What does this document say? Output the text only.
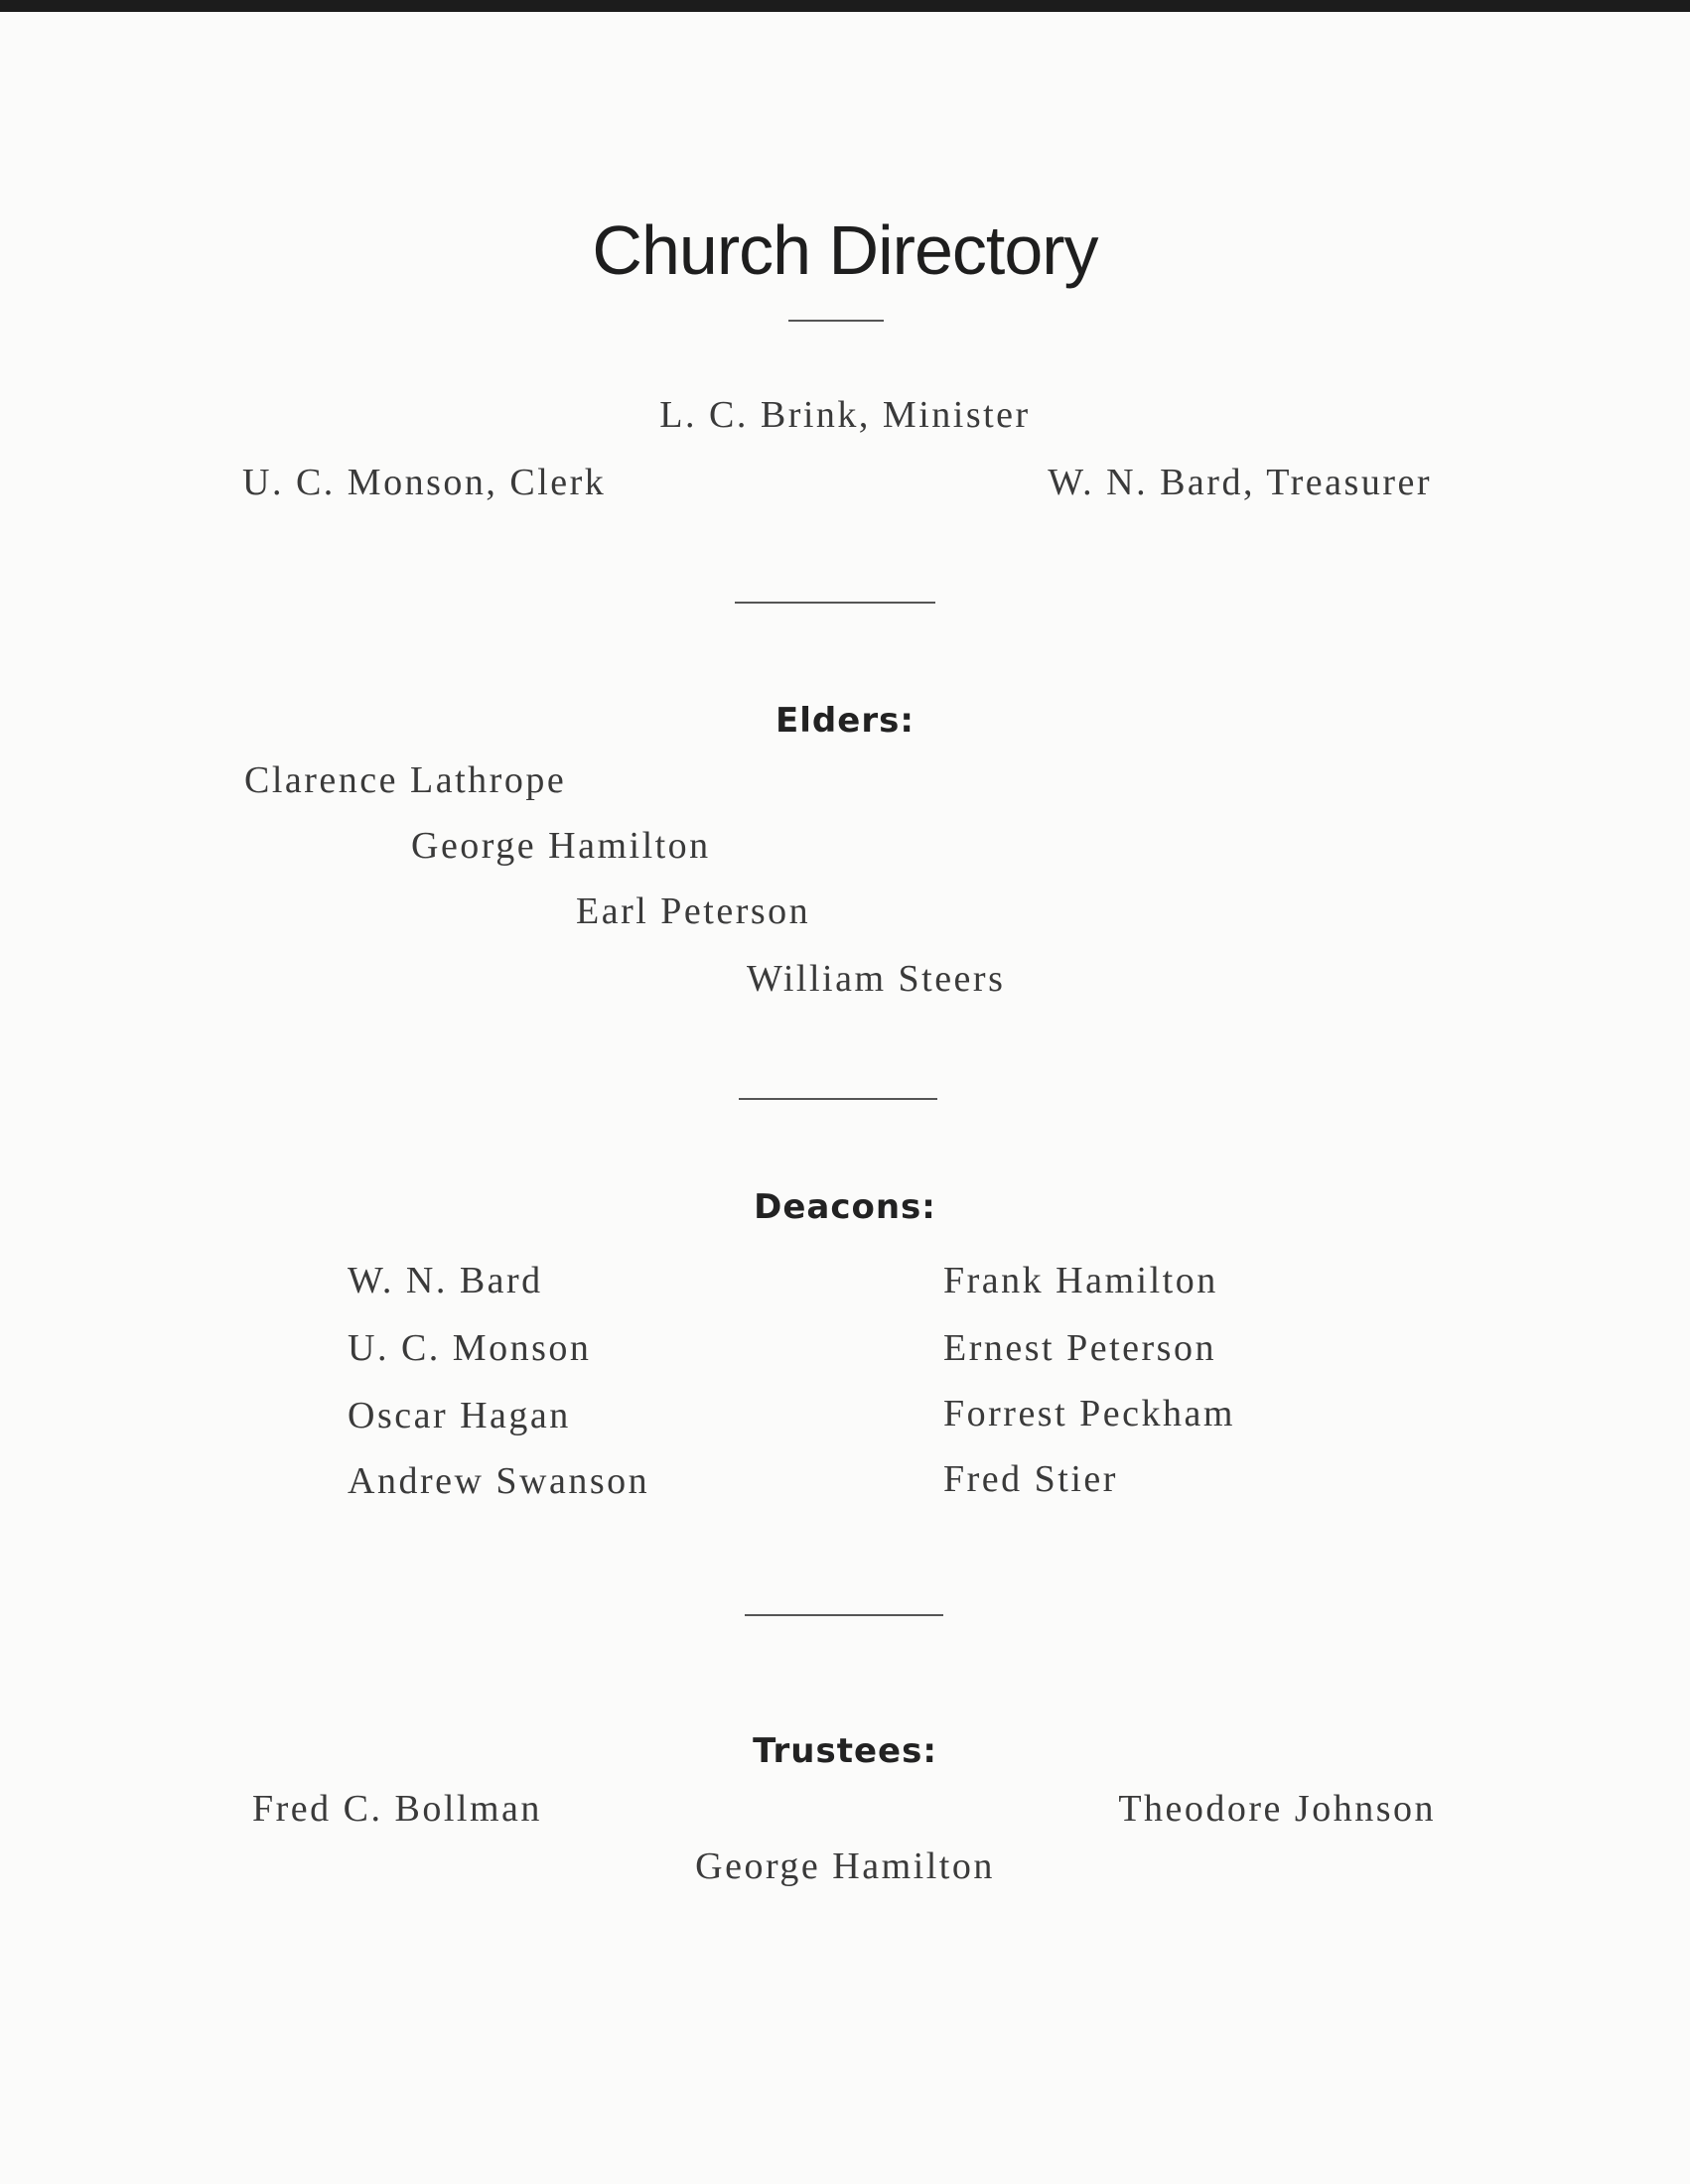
Church Directory
L. C. Brink, Minister
U. C. Monson, Clerk	W. N. Bard, Treasurer
Elders:
Clarence Lathrope
George Hamilton
Earl Peterson
William Steers
Deacons:
W. N. Bard
U. C. Monson
Oscar Hagan
Andrew Swanson
Frank Hamilton
Ernest Peterson
Forrest Peckham
Fred Stier
Trustees:
Fred C. Bollman	Theodore Johnson
George Hamilton
